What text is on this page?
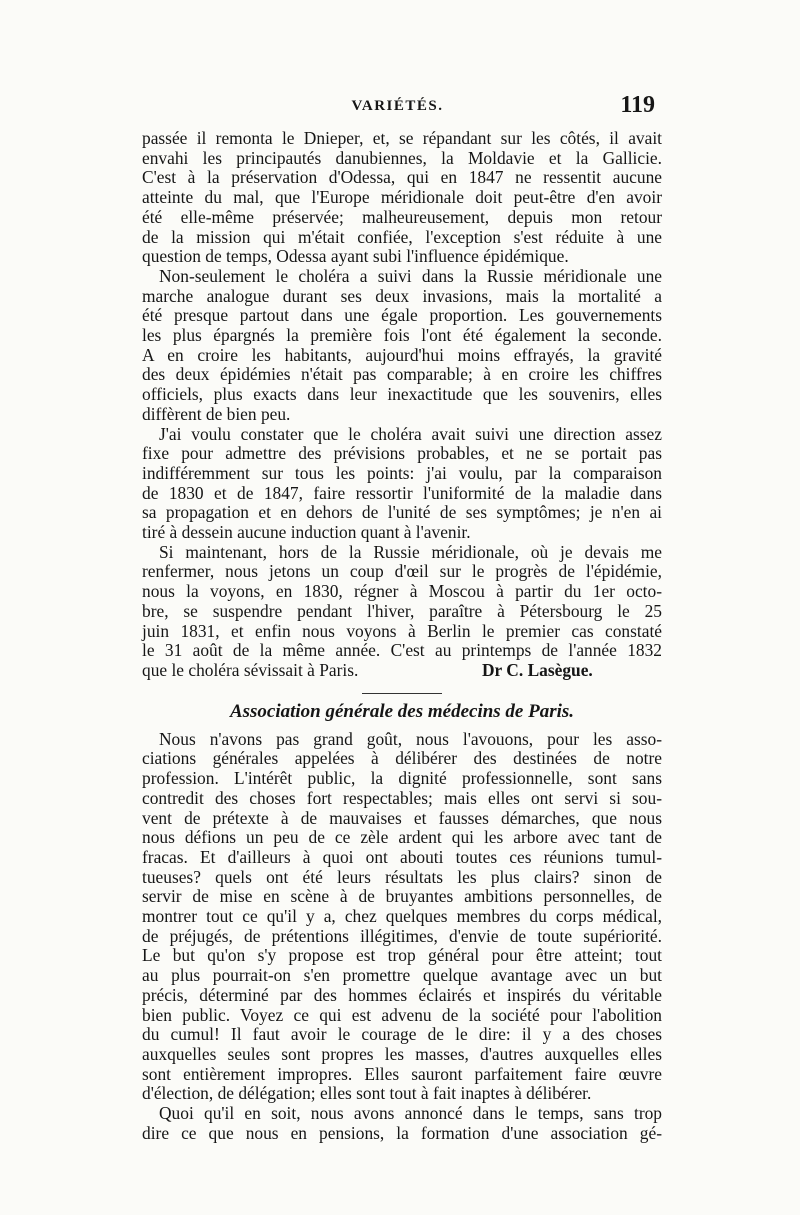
VARIÉTÉS.	119
passée il remonta le Dnieper, et, se répandant sur les côtés, il avait
envahi les principautés danubiennes, la Moldavie et la Gallicie.
C'est à la préservation d'Odessa, qui en 1847 ne ressentit aucune
atteinte du mal, que l'Europe méridionale doit peut-être d'en avoir
été elle-même préservée; malheureusement, depuis mon retour
de la mission qui m'était confiée, l'exception s'est réduite à une
question de temps, Odessa ayant subi l'influence épidémique.
Non-seulement le choléra a suivi dans la Russie méridionale une
marche analogue durant ses deux invasions, mais la mortalité a
été presque partout dans une égale proportion. Les gouvernements
les plus épargnés la première fois l'ont été également la seconde.
A en croire les habitants, aujourd'hui moins effrayés, la gravité
des deux épidémies n'était pas comparable; à en croire les chiffres
officiels, plus exacts dans leur inexactitude que les souvenirs, elles
diffèrent de bien peu.
J'ai voulu constater que le choléra avait suivi une direction assez
fixe pour admettre des prévisions probables, et ne se portait pas
indifféremment sur tous les points: j'ai voulu, par la comparaison
de 1830 et de 1847, faire ressortir l'uniformité de la maladie dans
sa propagation et en dehors de l'unité de ses symptômes; je n'en ai
tiré à dessein aucune induction quant à l'avenir.
Si maintenant, hors de la Russie méridionale, où je devais me
renfermer, nous jetons un coup d'œil sur le progrès de l'épidémie,
nous la voyons, en 1830, régner à Moscou à partir du 1er octo-
bre, se suspendre pendant l'hiver, paraître à Pétersbourg le 25
juin 1831, et enfin nous voyons à Berlin le premier cas constaté
le 31 août de la même année. C'est au printemps de l'année 1832
que le choléra sévissait à Paris.	Dr C. Lasègue.
Association générale des médecins de Paris.
Nous n'avons pas grand goût, nous l'avouons, pour les asso-
ciations générales appelées à délibérer des destinées de notre
profession. L'intérêt public, la dignité professionnelle, sont sans
contredit des choses fort respectables; mais elles ont servi si sou-
vent de prétexte à de mauvaises et fausses démarches, que nous
nous défions un peu de ce zèle ardent qui les arbore avec tant de
fracas. Et d'ailleurs à quoi ont abouti toutes ces réunions tumul-
tueuses? quels ont été leurs résultats les plus clairs? sinon de
servir de mise en scène à de bruyantes ambitions personnelles, de
montrer tout ce qu'il y a, chez quelques membres du corps médical,
de préjugés, de prétentions illégitimes, d'envie de toute supériorité.
Le but qu'on s'y propose est trop général pour être atteint; tout
au plus pourrait-on s'en promettre quelque avantage avec un but
précis, déterminé par des hommes éclairés et inspirés du véritable
bien public. Voyez ce qui est advenu de la société pour l'abolition
du cumul! Il faut avoir le courage de le dire: il y a des choses
auxquelles seules sont propres les masses, d'autres auxquelles elles
sont entièrement impropres. Elles sauront parfaitement faire œuvre
d'élection, de délégation; elles sont tout à fait inaptes à délibérer.
Quoi qu'il en soit, nous avons annoncé dans le temps, sans trop
dire ce que nous en pensions, la formation d'une association gé-
